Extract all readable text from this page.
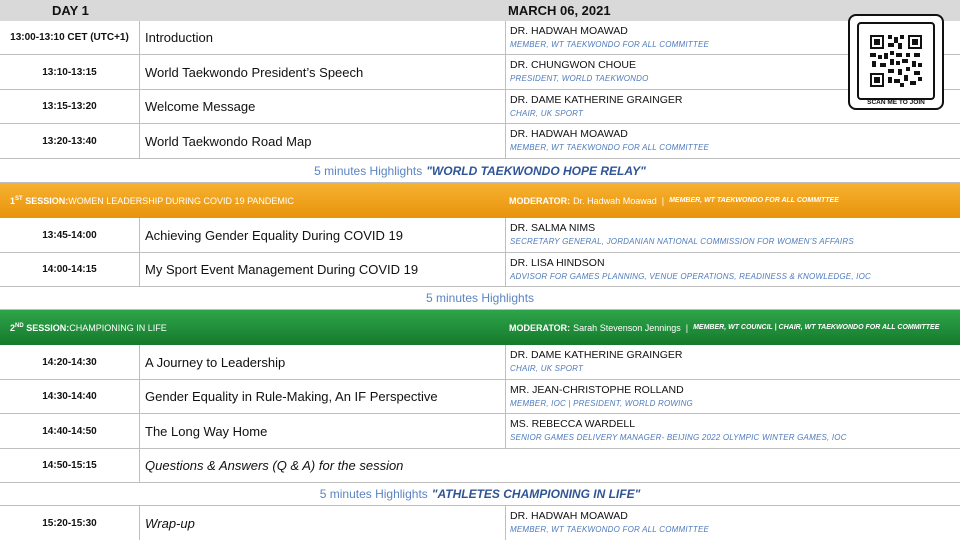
DAY 1	MARCH 06, 2021
13:00-13:10 CET (UTC+1)	Introduction	DR. HADWAH MOAWAD
MEMBER, WT TAEKWONDO FOR ALL COMMITTEE
13:10-13:15	World Taekwondo President’s Speech	DR. CHUNGWON CHOUE
PRESIDENT, WORLD TAEKWONDO
13:15-13:20	Welcome Message	DR. DAME KATHERINE GRAINGER
CHAIR, UK SPORT
13:20-13:40	World Taekwondo Road Map	DR. HADWAH MOAWAD
MEMBER, WT TAEKWONDO FOR ALL COMMITTEE
5 minutes Highlights "WORLD TAEKWONDO HOPE RELAY"
1ST SESSION: WOMEN LEADERSHIP DURING COVID 19 PANDEMIC	MODERATOR: Dr. Hadwah Moawad | MEMBER, WT TAEKWONDO FOR ALL COMMITTEE
13:45-14:00	Achieving Gender Equality During COVID 19	DR. SALMA NIMS
SECRETARY GENERAL, JORDANIAN NATIONAL COMMISSION FOR WOMEN’S AFFAIRS
14:00-14:15	My Sport Event Management During COVID 19	DR. LISA HINDSON
ADVISOR FOR GAMES PLANNING, VENUE OPERATIONS, READINESS & KNOWLEDGE, IOC
5 minutes Highlights
2ND SESSION: CHAMPIONING IN LIFE	MODERATOR: Sarah Stevenson Jennings | MEMBER, WT COUNCIL | CHAIR, WT TAEKWONDO FOR ALL COMMITTEE
14:20-14:30	A Journey to Leadership	DR. DAME KATHERINE GRAINGER
CHAIR, UK SPORT
14:30-14:40	Gender Equality in Rule-Making, An IF Perspective	MR. JEAN-CHRISTOPHE ROLLAND
MEMBER, IOC | PRESIDENT, WORLD ROWING
14:40-14:50	The Long Way Home	MS. REBECCA WARDELL
SENIOR GAMES DELIVERY MANAGER- BEIJING 2022 OLYMPIC WINTER GAMES, IOC
14:50-15:15	Questions & Answers (Q & A) for the session
5 minutes Highlights "ATHLETES CHAMPIONING IN LIFE"
15:20-15:30	Wrap-up	DR. HADWAH MOAWAD
MEMBER, WT TAEKWONDO FOR ALL COMMITTEE
SCAN ME TO JOIN
